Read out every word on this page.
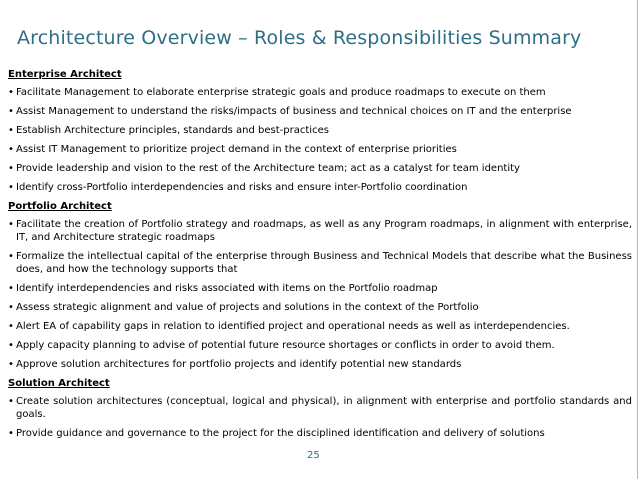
Architecture Overview – Roles & Responsibilities Summary
Enterprise Architect
• Facilitate Management to elaborate enterprise strategic goals and produce roadmaps to execute on them
• Assist Management to understand the risks/impacts of business and technical choices on IT and the enterprise
• Establish Architecture principles, standards and best-practices
• Assist IT Management to prioritize project demand in the context of enterprise priorities
• Provide leadership and vision to the rest of the Architecture team; act as a catalyst for team identity
• Identify cross-Portfolio interdependencies and risks and ensure inter-Portfolio coordination
Portfolio Architect
• Facilitate the creation of Portfolio strategy and roadmaps, as well as any Program roadmaps, in alignment with enterprise, IT, and Architecture strategic roadmaps
• Formalize the intellectual capital of the enterprise through Business and Technical Models that describe what the Business does, and how the technology supports that
• Identify interdependencies and risks associated with items on the Portfolio roadmap
• Assess strategic alignment and value of projects and solutions in the context of the Portfolio
• Alert EA of capability gaps in relation to identified project and operational needs as well as interdependencies.
• Apply capacity planning to advise of potential future resource shortages or conflicts in order to avoid them.
• Approve solution architectures for portfolio projects and identify potential new standards
Solution Architect
• Create solution architectures (conceptual, logical and physical), in alignment with enterprise and portfolio standards and goals.
• Provide guidance and governance to the project for the disciplined identification and delivery of solutions
25
